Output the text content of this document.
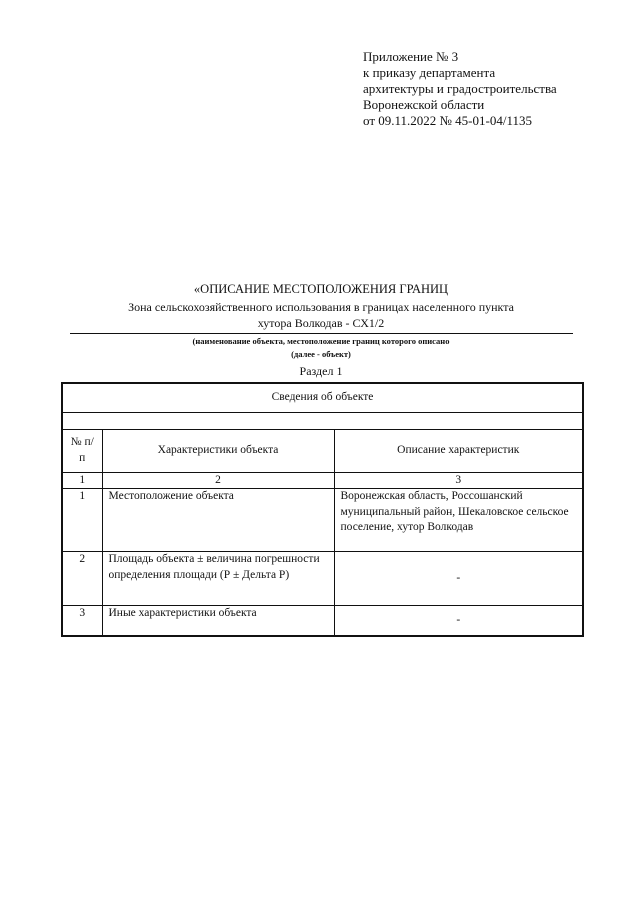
Приложение № 3
к приказу департамента
архитектуры и градостроительства
Воронежской области
от 09.11.2022 № 45-01-04/1135
«ОПИСАНИЕ МЕСТОПОЛОЖЕНИЯ ГРАНИЦ
Зона сельскохозяйственного использования в границах населенного пункта
хутора Волкодав - СХ1/2
(наименование объекта, местоположение границ которого описано
(далее - объект)
Раздел 1
Сведения об объекте		

№ п/п	Характеристики объекта	Описание характеристик
1	2	3
1	Местоположение объекта	Воронежская область, Россошанский муниципальный район, Шекаловское сельское поселение, хутор Волкодав
2	Площадь объекта ± величина погрешности определения площади (Р ± Дельта Р)	-
3	Иные характеристики объекта	-
